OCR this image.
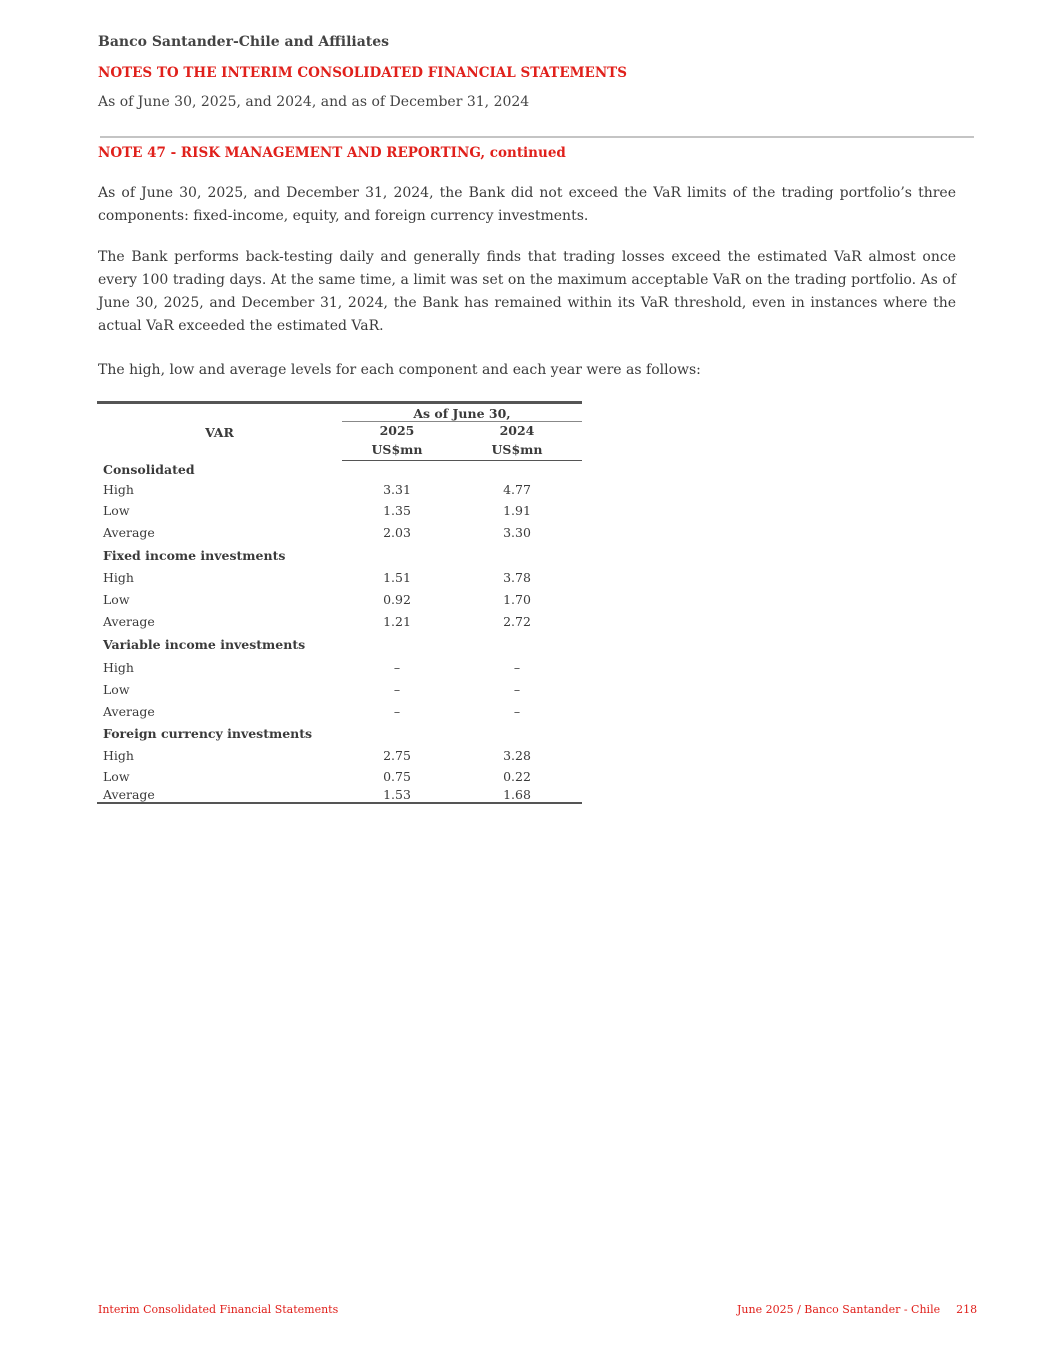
Banco Santander-Chile and Affiliates
NOTES TO THE INTERIM CONSOLIDATED FINANCIAL STATEMENTS
As of June 30, 2025, and 2024, and as of December 31, 2024
NOTE 47 - RISK MANAGEMENT AND REPORTING, continued

As of June 30, 2025, and December 31, 2024, the Bank did not exceed the VaR limits of the trading portfolio’s three components: fixed-income, equity, and foreign currency investments.

The Bank performs back-testing daily and generally finds that trading losses exceed the estimated VaR almost once every 100 trading days. At the same time, a limit was set on the maximum acceptable VaR on the trading portfolio. As of June 30, 2025, and December 31, 2024, the Bank has remained within its VaR threshold, even in instances where the actual VaR exceeded the estimated VaR.

The high, low and average levels for each component and each year were as follows:

VAR	As of June 30,	
	2025	2024
	US$mn	US$mn
Consolidated		
High	3.31	4.77
Low	1.35	1.91
Average	2.03	3.30
Fixed income investments		
High	1.51	3.78
Low	0.92	1.70
Average	1.21	2.72
Variable income investments		
High	–	–
Low	–	–
Average	–	–
Foreign currency investments		
High	2.75	3.28
Low	0.75	0.22
Average	1.53	1.68
Interim Consolidated Financial Statements	June 2025 / Banco Santander - Chile 218
